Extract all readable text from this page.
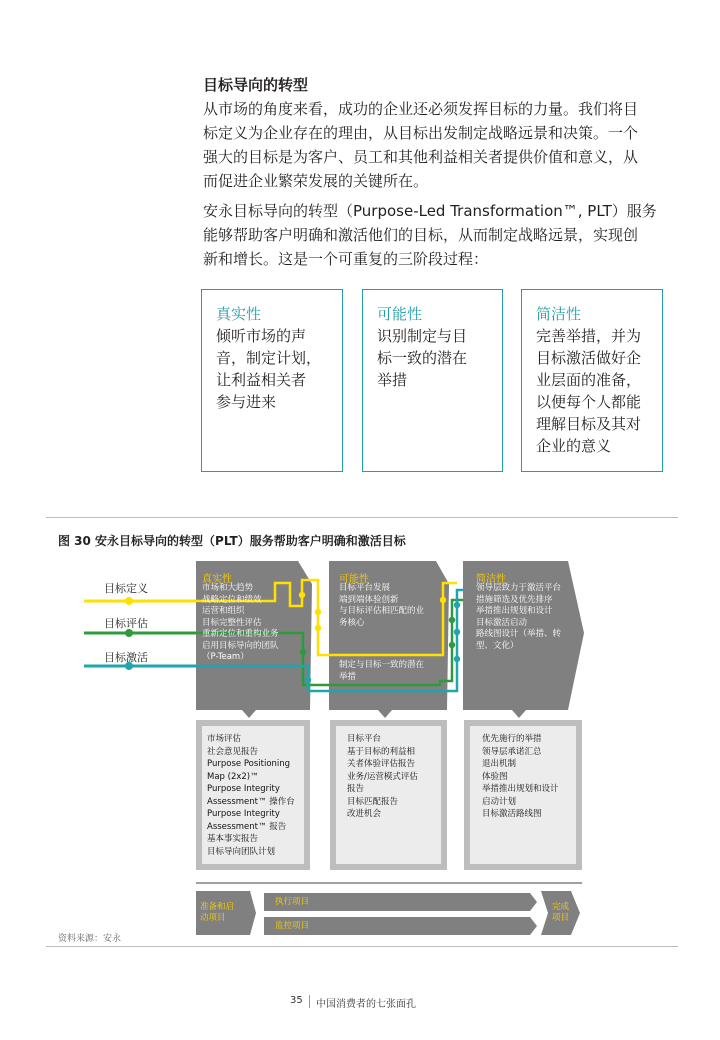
目标导向的转型
从市场的角度来看，成功的企业还必须发挥目标的力量。我们将目
标定义为企业存在的理由，从目标出发制定战略远景和决策。一个
强大的目标是为客户、员工和其他利益相关者提供价值和意义，从
而促进企业繁荣发展的关键所在。
安永目标导向的转型（Purpose-Led Transformation™, PLT）服务
能够帮助客户明确和激活他们的目标，从而制定战略远景，实现创
新和增长。这是一个可重复的三阶段过程：
真实性
倾听市场的声
音，制定计划，
让利益相关者
参与进来
可能性
识别制定与目
标一致的潜在
举措
简洁性
完善举措，并为
目标激活做好企
业层面的准备，
以便每个人都能
理解目标及其对
企业的意义
图 30 安永目标导向的转型（PLT）服务帮助客户明确和激活目标
目标定义
目标评估
目标激活
真实性
市场和大趋势
战略定位和绩效
运营和组织
目标完整性评估
重新定位和重构业务
启用目标导向的团队
（P-Team）
可能性
目标平台发展
端到端体验创新
与目标评估相匹配的业
务核心
制定与目标一致的潜在
举措
简洁性
领导层致力于激活平台
措施筛选及优先排序
举措推出规划和设计
目标激活启动
路线图设计（举措、转
型、文化）
市场评估
社会意见报告
Purpose Positioning
Map (2x2)™
Purpose Integrity
Assessment™ 操作台
Purpose Integrity
Assessment™ 报告
基本事实报告
目标导向团队计划
目标平台
基于目标的利益相
关者体验评估报告
业务/运营模式评估
报告
目标匹配报告
改进机会
优先施行的举措
领导层承诺汇总
退出机制
体验图
举措推出规划和设计
启动计划
目标激活路线图
准备和启
动项目
执行项目
监控项目
完成
项目
资料来源：安永
35 中国消费者的七张面孔
